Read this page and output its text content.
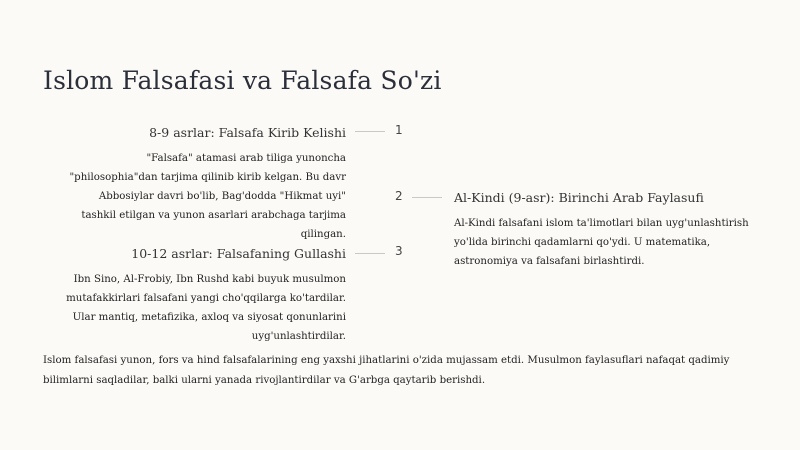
Islom Falsafasi va Falsafa So'zi
8-9 asrlar: Falsafa Kirib Kelishi	1
"Falsafa" atamasi arab tiliga yunoncha "philosophia"dan tarjima qilinib kirib kelgan. Bu davr Abbosiylar davri bo'lib, Bag'dodda "Hikmat uyi" tashkil etilgan va yunon asarlari arabchaga tarjima qilingan.
2	Al-Kindi (9-asr): Birinchi Arab Faylasufi
Al-Kindi falsafani islom ta'limotlari bilan uyg'unlashtirish yo'lida birinchi qadamlarni qo'ydi. U matematika, astronomiya va falsafani birlashtirdi.
10-12 asrlar: Falsafaning Gullashi	3
Ibn Sino, Al-Frobiy, Ibn Rushd kabi buyuk musulmon mutafakkirlari falsafani yangi cho'qqilarga ko'tardilar. Ular mantiq, metafizika, axloq va siyosat qonunlarini uyg'unlashtirdilar.

Islom falsafasi yunon, fors va hind falsafalarining eng yaxshi jihatlarini o'zida mujassam etdi. Musulmon faylasuflari nafaqat qadimiy bilimlarni saqladilar, balki ularni yanada rivojlantirdilar va G'arbga qaytarib berishdi.
